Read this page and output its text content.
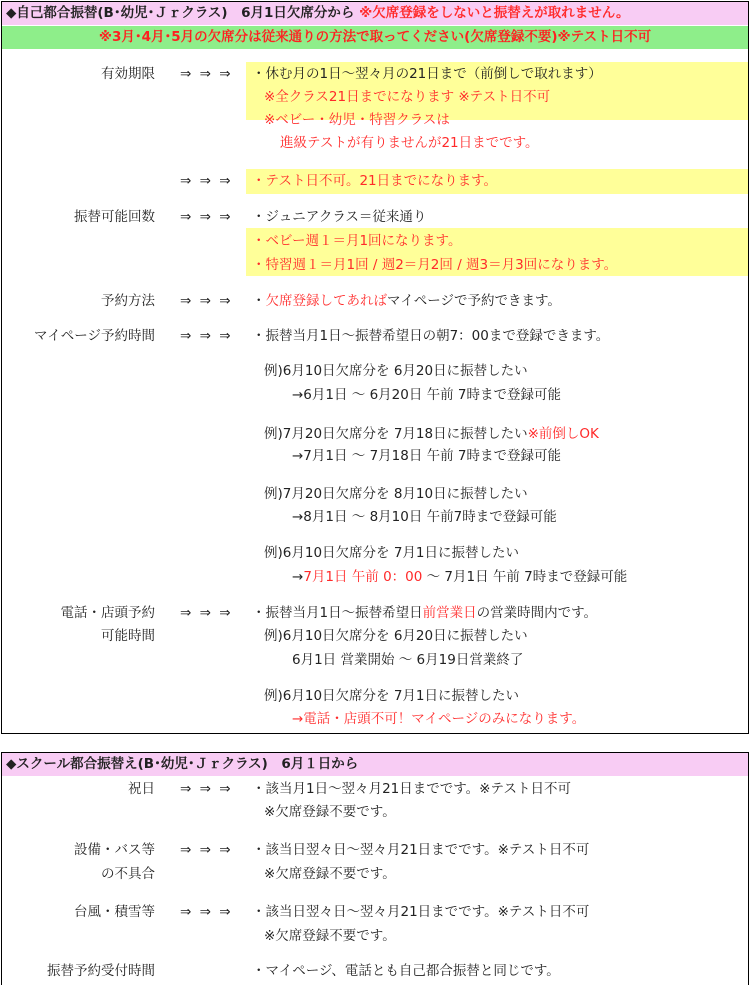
◆自己都合振替(B･幼児･Ｊｒクラス)　6月1日欠席分から ※欠席登録をしないと振替えが取れません。
※3月･4月･5月の欠席分は従来通りの方法で取ってください(欠席登録不要)※テスト日不可
有効期限 ⇒ ⇒ ⇒ ・休む月の1日～翌々月の21日まで（前倒しで取れます）
※全クラス21日までになります ※テスト日不可
※ベビー・幼児・特習クラスは
進級テストが有りませんが21日までです。
⇒ ⇒ ⇒ ・テスト日不可。21日までになります。
振替可能回数 ⇒ ⇒ ⇒ ・ジュニアクラス＝従来通り
・ベビー週１＝月1回になります。
・特習週１＝月1回 / 週2＝月2回 / 週3＝月3回になります。
予約方法 ⇒ ⇒ ⇒ ・欠席登録してあればマイページで予約できます。
マイページ予約時間 ⇒ ⇒ ⇒ ・振替当月1日～振替希望日の朝7：00まで登録できます。
例)6月10日欠席分を 6月20日に振替したい
→6月1日 ～ 6月20日 午前 7時まで登録可能
例)7月20日欠席分を 7月18日に振替したい※前倒しOK
→7月1日 ～ 7月18日 午前 7時まで登録可能
例)7月20日欠席分を 8月10日に振替したい
→8月1日 ～ 8月10日 午前7時まで登録可能
例)6月10日欠席分を 7月1日に振替したい
→7月1日 午前 0：00 ～ 7月1日 午前 7時まで登録可能
電話・店頭予約
可能時間
⇒ ⇒ ⇒ ・振替当月1日～振替希望日前営業日の営業時間内です。
例)6月10日欠席分を 6月20日に振替したい
6月1日 営業開始 ～ 6月19日営業終了
例)6月10日欠席分を 7月1日に振替したい
→電話・店頭不可！マイページのみになります。
◆スクール都合振替え(B･幼児･Ｊｒクラス)　6月１日から
祝日 ⇒ ⇒ ⇒ ・該当月1日～翌々月21日までです。※テスト日不可
※欠席登録不要です。
設備・バス等
の不具合
⇒ ⇒ ⇒ ・該当日翌々日～翌々月21日までです。※テスト日不可
※欠席登録不要です。
台風・積雪等 ⇒ ⇒ ⇒ ・該当日翌々日～翌々月21日までです。※テスト日不可
※欠席登録不要です。
振替予約受付時間	・マイページ、電話とも自己都合振替と同じです。
